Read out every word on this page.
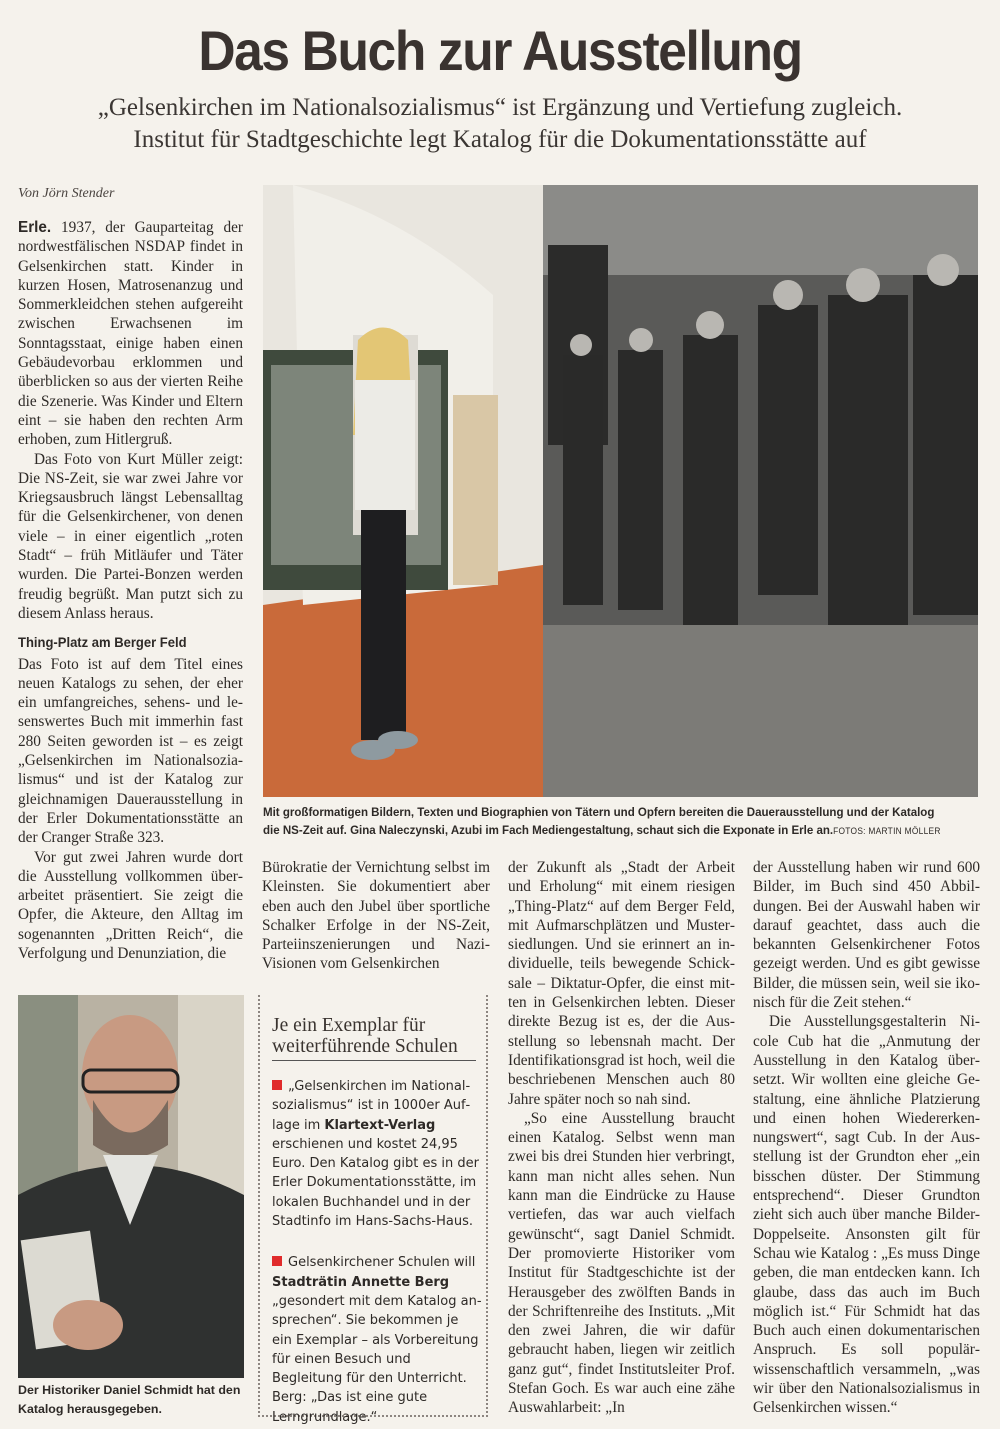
Das Buch zur Ausstellung
„Gelsenkirchen im Nationalsozialismus“ ist Ergänzung und Vertiefung zugleich.
Institut für Stadtgeschichte legt Katalog für die Dokumentationsstätte auf
Von Jörn Stender

Erle. 1937, der Gauparteitag der nordwestfälischen NSDAP findet in Gelsenkirchen statt. Kinder in kurzen Hosen, Matrosenanzug und Sommerkleidchen stehen aufgereiht zwischen Erwachsenen im Sonntagsstaat, einige haben einen Gebäudevorbau erklommen und überblicken so aus der vierten Reihe die Szenerie. Was Kinder und Eltern eint – sie haben den rechten Arm erhoben, zum Hitlergruß.

Das Foto von Kurt Müller zeigt: Die NS-Zeit, sie war zwei Jahre vor Kriegsausbruch längst Lebensalltag für die Gelsenkirchener, von denen viele – in einer eigentlich „roten Stadt“ – früh Mitläufer und Täter wurden. Die Partei-Bonzen werden freudig begrüßt. Man putzt sich zu diesem Anlass heraus.

Thing-Platz am Berger Feld

Das Foto ist auf dem Titel eines neuen Katalogs zu sehen, der eher ein umfangreiches, sehens- und lesenswertes Buch mit immerhin fast 280 Seiten geworden ist – es zeigt „Gelsenkirchen im Nationalsozialismus“ und ist der Katalog zur gleichnamigen Dauerausstellung in der Erler Dokumentationsstätte an der Cranger Straße 323.

Vor gut zwei Jahren wurde dort die Ausstellung vollkommen überarbeitet präsentiert. Sie zeigt die Opfer, die Akteure, den Alltag im sogenannten „Dritten Reich“, die Verfolgung und Denunziation, die

Mit großformatigen Bildern, Texten und Biographien von Tätern und Opfern bereiten die Dauerausstellung und der Katalog
die NS-Zeit auf. Gina Naleczynski, Azubi im Fach Mediengestaltung, schaut sich die Exponate in Erle an.FOTOS: MARTIN MÖLLER

Bürokratie der Vernichtung selbst im Kleinsten. Sie dokumentiert aber eben auch den Jubel über sportliche Schalker Erfolge in der NS-Zeit, Parteiinszenierungen und Nazi-Visionen vom Gelsenkirchen

Je ein Exemplar für weiterführende Schulen
„Gelsenkirchen im Nationalsozialismus“ ist in 1000er Auflage im Klartext-Verlag erschienen und kostet 24,95 Euro. Den Katalog gibt es in der Erler Dokumentationsstätte, im lokalen Buchhandel und in der Stadtinfo im Hans-Sachs-Haus.
Gelsenkirchener Schulen will Stadträtin Annette Berg „gesondert mit dem Katalog ansprechen“. Sie bekommen je ein Exemplar – als Vorbereitung für einen Besuch und Begleitung für den Unterricht. Berg: „Das ist eine gute Lerngrundlage.“

der Zukunft als „Stadt der Arbeit und Erholung“ mit einem riesigen „Thing-Platz“ auf dem Berger Feld, mit Aufmarschplätzen und Mustersiedlungen. Und sie erinnert an individuelle, teils bewegende Schicksale – Diktatur-Opfer, die einst mitten in Gelsenkirchen lebten. Dieser direkte Bezug ist es, der die Ausstellung so lebensnah macht. Der Identifikationsgrad ist hoch, weil die beschriebenen Menschen auch 80 Jahre später noch so nah sind.

„So eine Ausstellung braucht einen Katalog. Selbst wenn man zwei bis drei Stunden hier verbringt, kann man nicht alles sehen. Nun kann man die Eindrücke zu Hause vertiefen, das war auch vielfach gewünscht“, sagt Daniel Schmidt. Der promovierte Historiker vom Institut für Stadtgeschichte ist der Herausgeber des zwölften Bands in der Schriftenreihe des Instituts. „Mit den zwei Jahren, die wir dafür gebraucht haben, liegen wir zeitlich ganz gut“, findet Institutsleiter Prof. Stefan Goch. Es war auch eine zähe Auswahlarbeit: „In

der Ausstellung haben wir rund 600 Bilder, im Buch sind 450 Abbildungen. Bei der Auswahl haben wir darauf geachtet, dass auch die bekannten Gelsenkirchener Fotos gezeigt werden. Und es gibt gewisse Bilder, die müssen sein, weil sie ikonisch für die Zeit stehen.“

Die Ausstellungsgestalterin Nicole Cub hat die „Anmutung der Ausstellung in den Katalog übersetzt. Wir wollten eine gleiche Gestaltung, eine ähnliche Platzierung und einen hohen Wiedererkennungswert“, sagt Cub. In der Ausstellung ist der Grundton eher „ein bisschen düster. Der Stimmung entsprechend“. Dieser Grundton zieht sich auch über manche Bilder-Doppelseite. Ansonsten gilt für Schau wie Katalog : „Es muss Dinge geben, die man entdecken kann. Ich glaube, dass das auch im Buch möglich ist.“ Für Schmidt hat das Buch auch einen dokumentarischen Anspruch. Es soll populärwissenschaftlich versammeln, „was wir über den Nationalsozialismus in Gelsenkirchen wissen.“

Der Historiker Daniel Schmidt hat den Katalog herausgegeben.
